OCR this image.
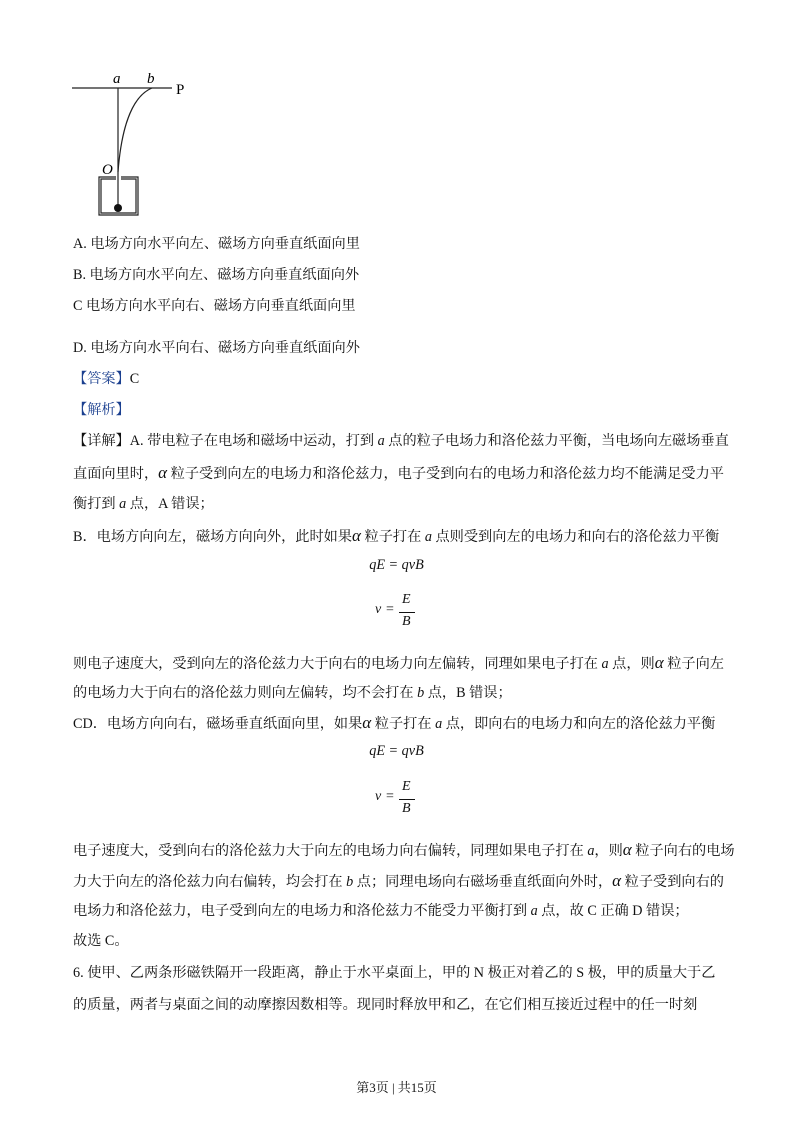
a b
P
O
A. 电场方向水平向左、磁场方向垂直纸面向里
B. 电场方向水平向左、磁场方向垂直纸面向外
C 电场方向水平向右、磁场方向垂直纸面向里
D. 电场方向水平向右、磁场方向垂直纸面向外
【答案】C
【解析】
【详解】A. 带电粒子在电场和磁场中运动，打到 a 点的粒子电场力和洛伦兹力平衡，当电场向左磁场垂直
直面向里时，α 粒子受到向左的电场力和洛伦兹力，电子受到向右的电场力和洛伦兹力均不能满足受力平
衡打到 a 点，A 错误；
B．电场方向向左，磁场方向向外，此时如果α 粒子打在 a 点则受到向左的电场力和向右的洛伦兹力平衡
则电子速度大，受到向左的洛伦兹力大于向右的电场力向左偏转，同理如果电子打在 a 点，则α 粒子向左
的电场力大于向右的洛伦兹力则向左偏转，均不会打在 b 点，B 错误；
CD．电场方向向右，磁场垂直纸面向里，如果α 粒子打在 a 点，即向右的电场力和向左的洛伦兹力平衡
电子速度大，受到向右的洛伦兹力大于向左的电场力向右偏转，同理如果电子打在 a，则α 粒子向右的电场
力大于向左的洛伦兹力向右偏转，均会打在 b 点；同理电场向右磁场垂直纸面向外时，α 粒子受到向右的
电场力和洛伦兹力，电子受到向左的电场力和洛伦兹力不能受力平衡打到 a 点，故 C 正确 D 错误；
故选 C。
6. 使甲、乙两条形磁铁隔开一段距离，静止于水平桌面上，甲的 N 极正对着乙的 S 极，甲的质量大于乙
的质量，两者与桌面之间的动摩擦因数相等。现同时释放甲和乙，在它们相互接近过程中的任一时刻
qE = qvB
v =
E
B
qE = qvB
v =
E
B
第3页 | 共15页
